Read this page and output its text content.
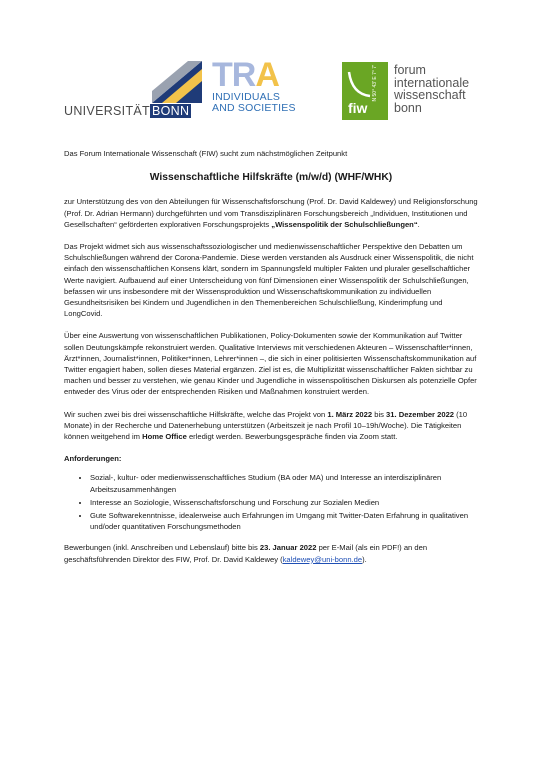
UNIVERSITÄT BONN
TRA
INDIVIDUALS
AND SOCIETIES
N 50° 43' E 7° 7'
fiw
forum
internationale
wissenschaft
bonn

Das Forum Internationale Wissenschaft (FIW) sucht zum nächstmöglichen Zeitpunkt

Wissenschaftliche Hilfskräfte (m/w/d) (WHF/WHK)

zur Unterstützung des von den Abteilungen für Wissenschaftsforschung (Prof. Dr. David Kaldewey) und Religionsforschung (Prof. Dr. Adrian Hermann) durchgeführten und vom Transdisziplinären Forschungsbereich „Individuen, Institutionen und Gesellschaften“ geförderten explorativen Forschungsprojekts „Wissenspolitik der Schulschließungen“.

Das Projekt widmet sich aus wissenschaftssoziologischer und medienwissenschaftlicher Perspektive den Debatten um Schulschließungen während der Corona-Pandemie. Diese werden verstanden als Ausdruck einer Wissenspolitik, die nicht einfach den wissenschaftlichen Konsens klärt, sondern im Spannungsfeld multipler Fakten und pluraler gesellschaftlicher Werte navigiert. Aufbauend auf einer Unterscheidung von fünf Dimensionen einer Wissenspolitik der Schulschließungen, befassen wir uns insbesondere mit der Wissensproduktion und Wissenschaftskommunikation zu individuellen Gesundheitsrisiken bei Kindern und Jugendlichen in den Themenbereichen Schulschließung, Kinderimpfung und LongCovid.

Über eine Auswertung von wissenschaftlichen Publikationen, Policy-Dokumenten sowie der Kommunikation auf Twitter sollen Deutungskämpfe rekonstruiert werden. Qualitative Interviews mit verschiedenen Akteuren – Wissenschaftler*innen, Ärzt*innen, Journalist*innen, Politiker*innen, Lehrer*innen –, die sich in einer politisierten Wissenschaftskommunikation auf Twitter engagiert haben, sollen dieses Material ergänzen. Ziel ist es, die Multiplizität wissenschaftlicher Fakten sichtbar zu machen und besser zu verstehen, wie genau Kinder und Jugendliche in wissenspolitischen Diskursen als potenzielle Opfer entweder des Virus oder der entsprechenden Risiken und Maßnahmen konstruiert werden.

Wir suchen zwei bis drei wissenschaftliche Hilfskräfte, welche das Projekt von 1. März 2022 bis 31. Dezember 2022 (10 Monate) in der Recherche und Datenerhebung unterstützen (Arbeitszeit je nach Profil 10–19h/Woche). Die Tätigkeiten können weitgehend im Home Office erledigt werden. Bewerbungsgespräche finden via Zoom statt.

Anforderungen:

• Sozial-, kultur- oder medienwissenschaftliches Studium (BA oder MA) und Interesse an interdisziplinären Arbeitszusammenhängen
• Interesse an Soziologie, Wissenschaftsforschung und Forschung zur Sozialen Medien
• Gute Softwarekenntnisse, idealerweise auch Erfahrungen im Umgang mit Twitter-Daten Erfahrung in qualitativen und/oder quantitativen Forschungsmethoden

Bewerbungen (inkl. Anschreiben und Lebenslauf) bitte bis 23. Januar 2022 per E-Mail (als ein PDF!) an den geschäftsführenden Direktor des FIW, Prof. Dr. David Kaldewey (kaldewey@uni-bonn.de).
